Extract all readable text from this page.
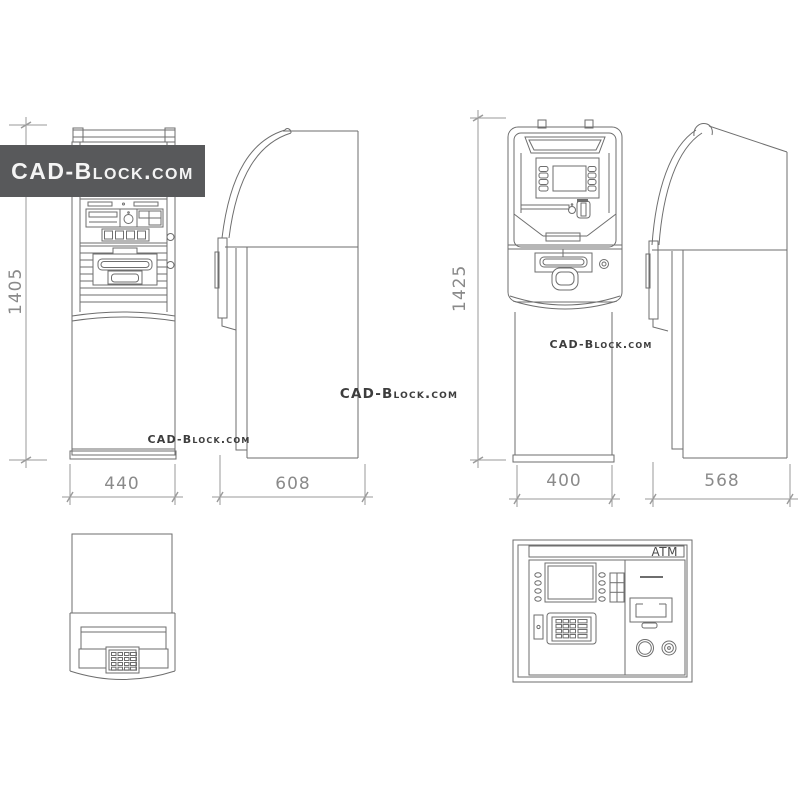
CAD-Block.com
CAD-Block.com
CAD-Block.com
CAD-Block.com
1405
440	608
1425
400	568
ATM
